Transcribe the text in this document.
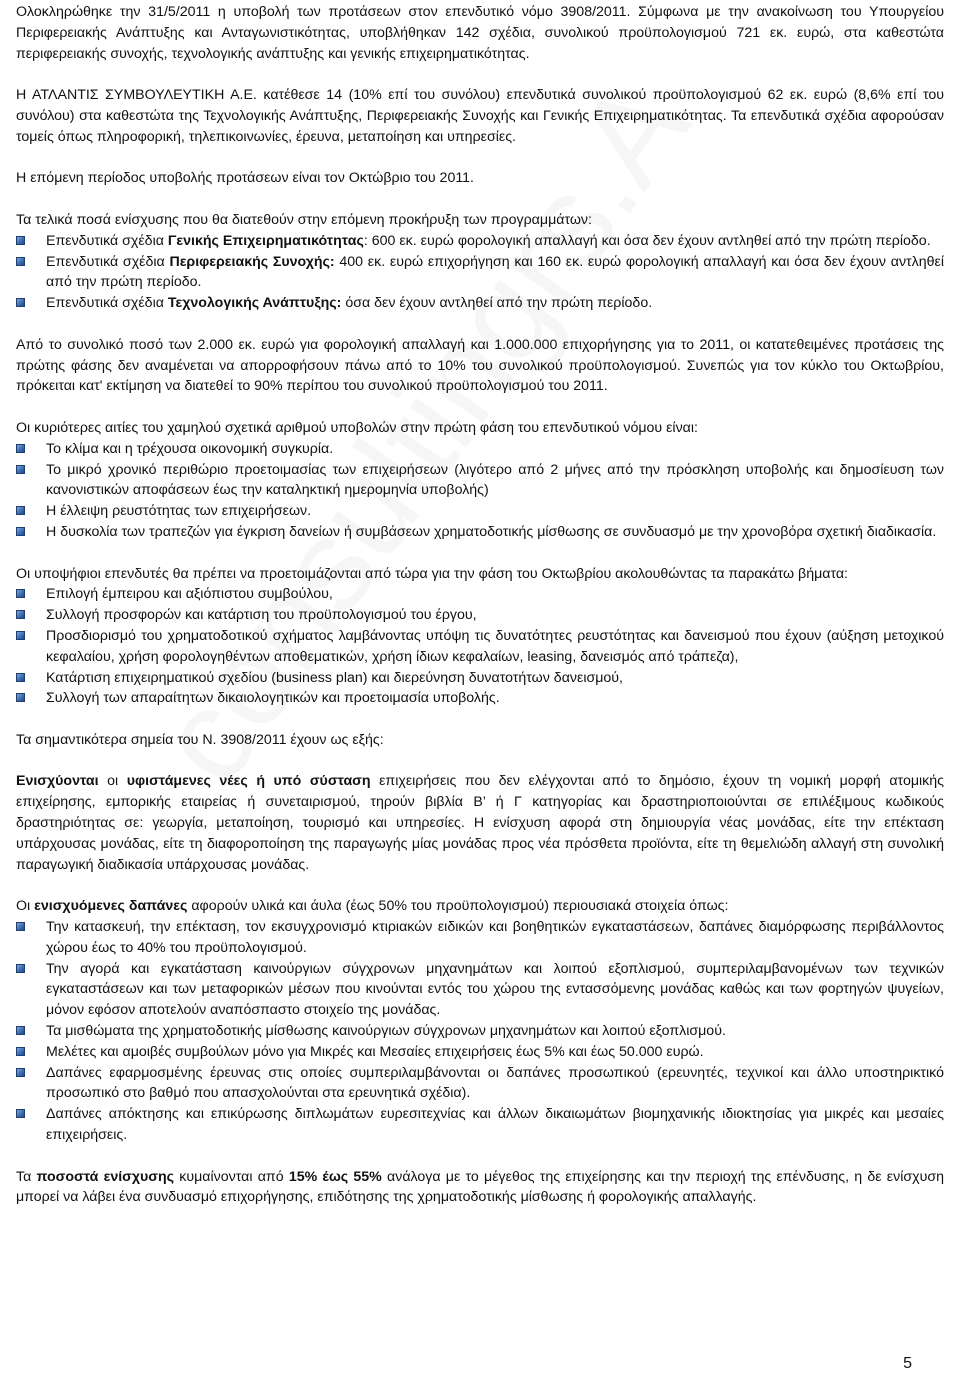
Ολοκληρώθηκε την 31/5/2011 η υποβολή των προτάσεων στον επενδυτικό νόμο 3908/2011. Σύμφωνα με την ανακοίνωση του Υπουργείου Περιφερειακής Ανάπτυξης και Ανταγωνιστικότητας, υποβλήθηκαν 142 σχέδια, συνολικού προϋπολογισμού 721 εκ. ευρώ, στα καθεστώτα περιφερειακής συνοχής, τεχνολογικής ανάπτυξης και γενικής επιχειρηματικότητας.

Η ΑΤΛΑΝΤΙΣ ΣΥΜΒΟΥΛΕΥΤΙΚΗ Α.Ε. κατέθεσε 14 (10% επί του συνόλου) επενδυτικά συνολικού προϋπολογισμού 62 εκ. ευρώ (8,6% επί του συνόλου) στα καθεστώτα της Τεχνολογικής Ανάπτυξης, Περιφερειακής Συνοχής και Γενικής Επιχειρηματικότητας. Τα επενδυτικά σχέδια αφορούσαν τομείς όπως πληροφορική, τηλεπικοινωνίες, έρευνα, μεταποίηση και υπηρεσίες.

Η επόμενη περίοδος υποβολής προτάσεων είναι τον Οκτώβριο του 2011.

Τα τελικά ποσά ενίσχυσης που θα διατεθούν στην επόμενη προκήρυξη των προγραμμάτων:

Επενδυτικά σχέδια Γενικής Επιχειρηματικότητας: 600 εκ. ευρώ φορολογική απαλλαγή και όσα δεν έχουν αντληθεί από την πρώτη περίοδο.
Επενδυτικά σχέδια Περιφερειακής Συνοχής: 400 εκ. ευρώ επιχορήγηση και 160 εκ. ευρώ φορολογική απαλλαγή και όσα δεν έχουν αντληθεί από την πρώτη περίοδο.
Επενδυτικά σχέδια Τεχνολογικής Ανάπτυξης: όσα δεν έχουν αντληθεί από την πρώτη περίοδο.

Από το συνολικό ποσό των 2.000 εκ. ευρώ για φορολογική απαλλαγή και 1.000.000 επιχορήγησης για το 2011, οι κατατεθειμένες προτάσεις της πρώτης φάσης δεν αναμένεται να απορροφήσουν πάνω από το 10% του συνολικού προϋπολογισμού. Συνεπώς για τον κύκλο του Οκτωβρίου, πρόκειται κατ' εκτίμηση να διατεθεί το 90% περίπου του συνολικού προϋπολογισμού του 2011.

Οι κυριότερες αιτίες του χαμηλού σχετικά αριθμού υποβολών στην πρώτη φάση του επενδυτικού νόμου είναι:

Το κλίμα και η τρέχουσα οικονομική συγκυρία.
Το μικρό χρονικό περιθώριο προετοιμασίας των επιχειρήσεων (λιγότερο από 2 μήνες από την πρόσκληση υποβολής και δημοσίευση των κανονιστικών αποφάσεων έως την καταληκτική ημερομηνία υποβολής)
Η έλλειψη ρευστότητας των επιχειρήσεων.
Η δυσκολία των τραπεζών για έγκριση δανείων ή συμβάσεων χρηματοδοτικής μίσθωσης σε συνδυασμό με την χρονοβόρα σχετική διαδικασία.

Οι υποψήφιοι επενδυτές θα πρέπει να προετοιμάζονται από τώρα για την φάση του Οκτωβρίου ακολουθώντας τα παρακάτω βήματα:

Επιλογή έμπειρου και αξιόπιστου συμβούλου,
Συλλογή προσφορών και κατάρτιση του προϋπολογισμού του έργου,
Προσδιορισμό του χρηματοδοτικού σχήματος λαμβάνοντας υπόψη τις δυνατότητες ρευστότητας και δανεισμού που έχουν (αύξηση μετοχικού κεφαλαίου, χρήση φορολογηθέντων αποθεματικών, χρήση ίδιων κεφαλαίων, leasing, δανεισμός από τράπεζα),
Κατάρτιση επιχειρηματικού σχεδίου (business plan) και διερεύνηση δυνατοτήτων δανεισμού,
Συλλογή των απαραίτητων δικαιολογητικών και προετοιμασία υποβολής.

Τα σημαντικότερα σημεία του Ν. 3908/2011 έχουν ως εξής:

Ενισχύονται οι υφιστάμενες νέες ή υπό σύσταση επιχειρήσεις που δεν ελέγχονται από το δημόσιο, έχουν τη νομική μορφή ατομικής επιχείρησης, εμπορικής εταιρείας ή συνεταιρισμού, τηρούν βιβλία Β’ ή Γ κατηγορίας και δραστηριοποιούνται σε επιλέξιμους κωδικούς δραστηριότητας σε: γεωργία, μεταποίηση, τουρισμό και υπηρεσίες. Η ενίσχυση αφορά στη δημιουργία νέας μονάδας, είτε την επέκταση υπάρχουσας μονάδας, είτε τη διαφοροποίηση της παραγωγής μίας μονάδας προς νέα πρόσθετα προϊόντα, είτε τη θεμελιώδη αλλαγή στη συνολική παραγωγική διαδικασία υπάρχουσας μονάδας.

Οι ενισχυόμενες δαπάνες αφορούν υλικά και άυλα (έως 50% του προϋπολογισμού) περιουσιακά στοιχεία όπως:

Την κατασκευή, την επέκταση, τον εκσυγχρονισμό κτιριακών ειδικών και βοηθητικών εγκαταστάσεων, δαπάνες διαμόρφωσης περιβάλλοντος χώρου έως το 40% του προϋπολογισμού.
Την αγορά και εγκατάσταση καινούργιων σύγχρονων μηχανημάτων και λοιπού εξοπλισμού, συμπεριλαμβανομένων των τεχνικών εγκαταστάσεων και των μεταφορικών μέσων που κινούνται εντός του χώρου της εντασσόμενης μονάδας καθώς και των φορτηγών ψυγείων, μόνον εφόσον αποτελούν αναπόσπαστο στοιχείο της μονάδας.
Τα μισθώματα της χρηματοδοτικής μίσθωσης καινούργιων σύγχρονων μηχανημάτων και λοιπού εξοπλισμού.
Μελέτες και αμοιβές συμβούλων μόνο για Μικρές και Μεσαίες επιχειρήσεις έως 5% και έως 50.000 ευρώ.
Δαπάνες εφαρμοσμένης έρευνας στις οποίες συμπεριλαμβάνονται οι δαπάνες προσωπικού (ερευνητές, τεχνικοί και άλλο υποστηρικτικό προσωπικό στο βαθμό που απασχολούνται στα ερευνητικά σχέδια).
Δαπάνες απόκτησης και επικύρωσης διπλωμάτων ευρεσιτεχνίας και άλλων δικαιωμάτων βιομηχανικής ιδιοκτησίας για μικρές και μεσαίες επιχειρήσεις.

Τα ποσοστά ενίσχυσης κυμαίνονται από 15% έως 55% ανάλογα με το μέγεθος της επιχείρησης και την περιοχή της επένδυσης, η δε ενίσχυση μπορεί να λάβει ένα συνδυασμό επιχορήγησης, επιδότησης της χρηματοδοτικής μίσθωσης ή φορολογικής απαλλαγής.

5
